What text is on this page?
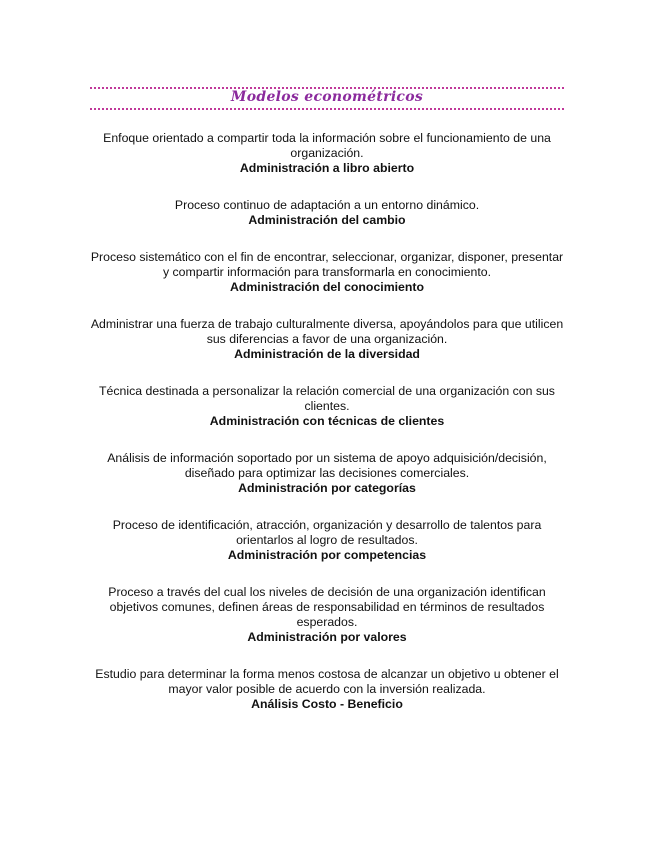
Modelos econométricos
Enfoque orientado a compartir toda la información sobre el funcionamiento de una organización.
Administración a libro abierto
Proceso continuo de adaptación a un entorno dinámico.
Administración del cambio
Proceso sistemático con el fin de encontrar, seleccionar, organizar, disponer, presentar y compartir información para transformarla en conocimiento.
Administración del conocimiento
Administrar una fuerza de trabajo culturalmente diversa, apoyándolos para que utilicen sus diferencias a favor de una organización.
Administración de la diversidad
Técnica destinada a personalizar la relación comercial de una organización con sus clientes.
Administración con técnicas de clientes
Análisis de información soportado por un sistema de apoyo adquisición/decisión, diseñado para optimizar las decisiones comerciales.
Administración por categorías
Proceso de identificación, atracción, organización y desarrollo de talentos para orientarlos al logro de resultados.
Administración por competencias
Proceso a través del cual los niveles de decisión de una organización identifican objetivos comunes, definen áreas de responsabilidad en términos de resultados esperados.
Administración por valores
Estudio para determinar la forma menos costosa de alcanzar un objetivo u obtener el mayor valor posible de acuerdo con la inversión realizada.
Análisis Costo - Beneficio
